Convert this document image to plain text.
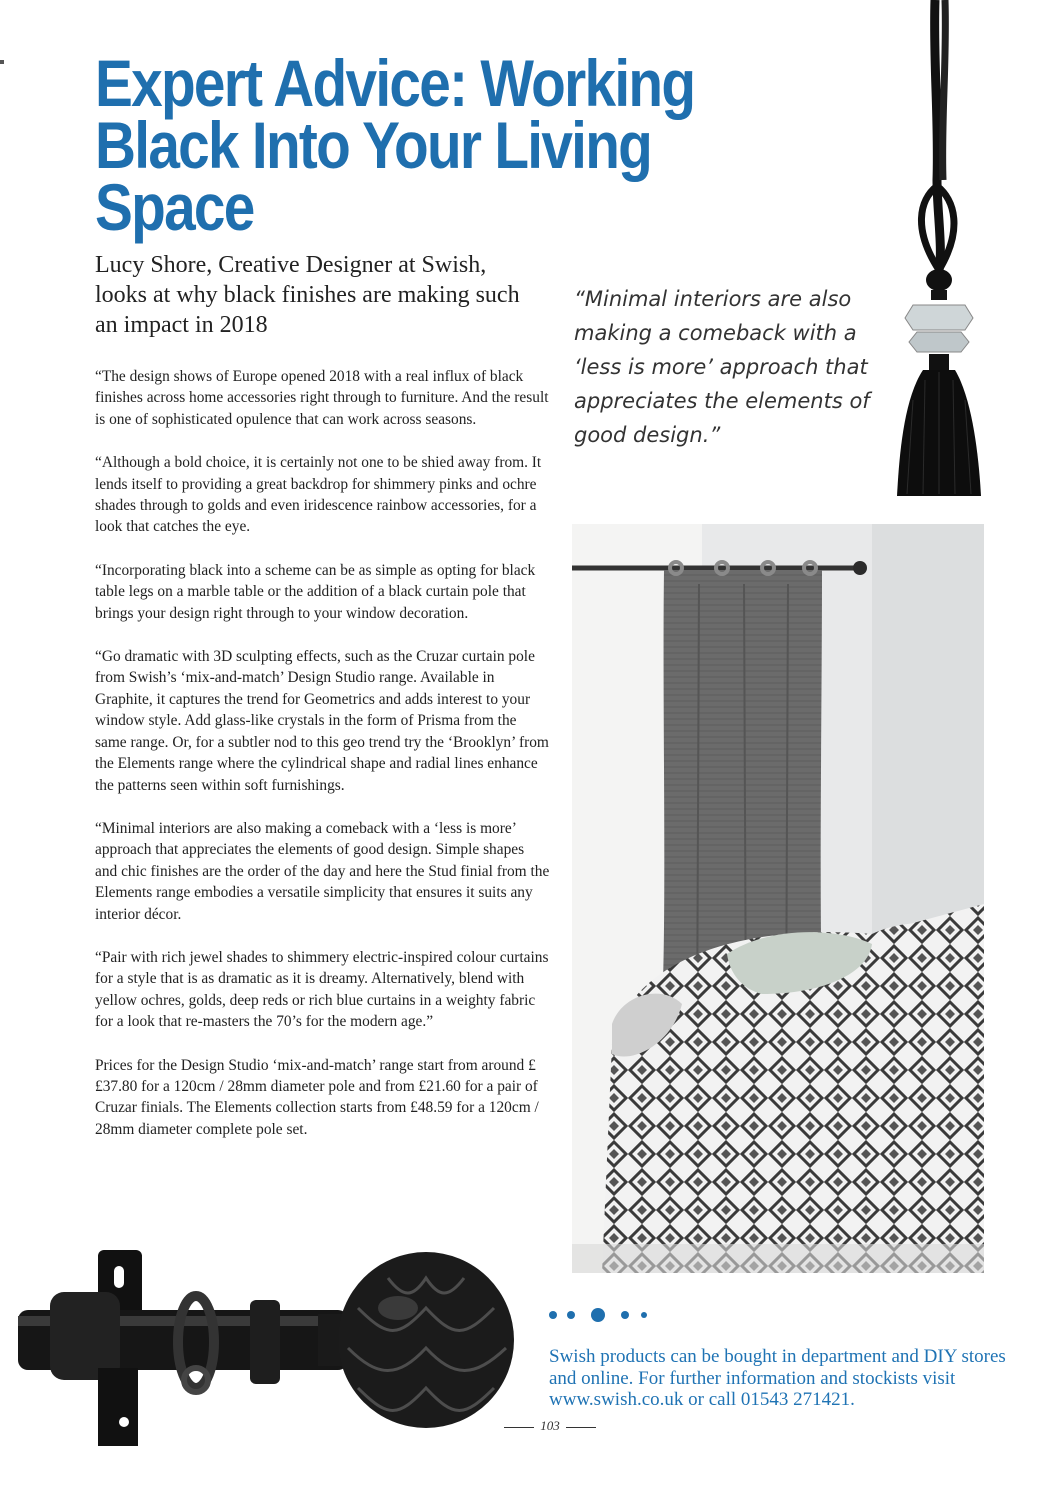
Expert Advice: Working
Black Into Your Living Space
Lucy Shore, Creative Designer at Swish, looks at why black finishes are making such an impact in 2018

“The design shows of Europe opened 2018 with a real influx of black finishes across home accessories right through to furniture. And the result is one of sophisticated opulence that can work across seasons.

“Although a bold choice, it is certainly not one to be shied away from. It lends itself to providing a great backdrop for shimmery pinks and ochre shades through to golds and even iridescence rainbow accessories, for a look that catches the eye.

“Incorporating black into a scheme can be as simple as opting for black table legs on a marble table or the addition of a black curtain pole that brings your design right through to your window decoration.

“Go dramatic with 3D sculpting effects, such as the Cruzar curtain pole from Swish’s ‘mix-and-match’ Design Studio range. Available in Graphite, it captures the trend for Geometrics and adds interest to your window style. Add glass-like crystals in the form of Prisma from the same range. Or, for a subtler nod to this geo trend try the ‘Brooklyn’ from the Elements range where the cylindrical shape and radial lines enhance the patterns seen within soft furnishings.

“Minimal interiors are also making a comeback with a ‘less is more’ approach that appreciates the elements of good design. Simple shapes and chic finishes are the order of the day and here the Stud finial from the Elements range embodies a versatile simplicity that ensures it suits any interior décor.

“Pair with rich jewel shades to shimmery electric-inspired colour curtains for a style that is as dramatic as it is dreamy. Alternatively, blend with yellow ochres, golds, deep reds or rich blue curtains in a weighty fabric for a look that re-masters the 70’s for the modern age.”

Prices for the Design Studio ‘mix-and-match’ range start from around ££37.80 for a 120cm / 28mm diameter pole and from £21.60 for a pair of Cruzar finials. The Elements collection starts from £48.59 for a 120cm / 28mm diameter complete pole set.

“Minimal interiors are also making a comeback with a ‘less is more’ approach that appreciates the elements of good design.”
Swish products can be bought in department and DIY stores and online. For further information and stockists visit www.swish.co.uk or call 01543 271421.
103
